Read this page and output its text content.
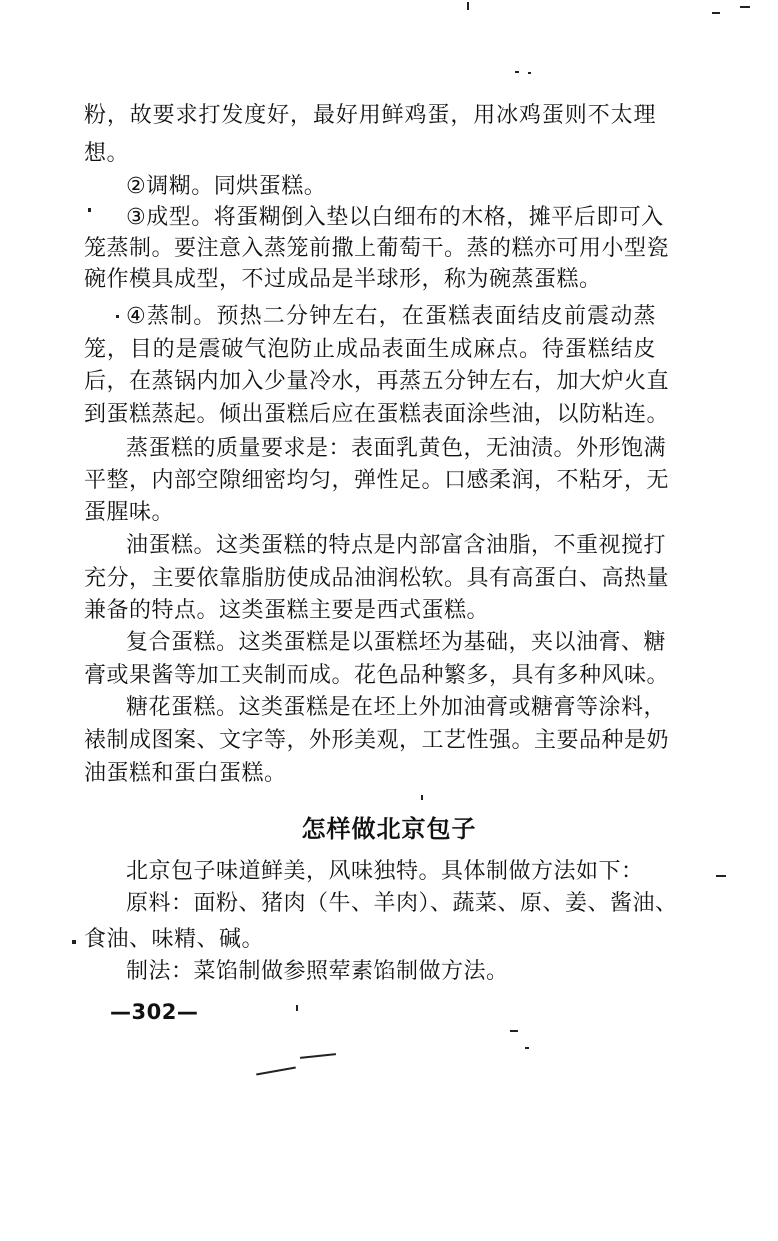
粉，故要求打发度好，最好用鲜鸡蛋，用冰鸡蛋则不太理
想。
②调糊。同烘蛋糕。
③成型。将蛋糊倒入垫以白细布的木格，摊平后即可入
笼蒸制。要注意入蒸笼前撒上葡萄干。蒸的糕亦可用小型瓷
碗作模具成型，不过成品是半球形，称为碗蒸蛋糕。
④蒸制。预热二分钟左右，在蛋糕表面结皮前震动蒸
笼，目的是震破气泡防止成品表面生成麻点。待蛋糕结皮
后，在蒸锅内加入少量冷水，再蒸五分钟左右，加大炉火直
到蛋糕蒸起。倾出蛋糕后应在蛋糕表面涂些油，以防粘连。
蒸蛋糕的质量要求是：表面乳黄色，无油渍。外形饱满
平整，内部空隙细密均匀，弹性足。口感柔润，不粘牙，无
蛋腥味。
油蛋糕。这类蛋糕的特点是内部富含油脂，不重视搅打
充分，主要依靠脂肪使成品油润松软。具有高蛋白、高热量
兼备的特点。这类蛋糕主要是西式蛋糕。
复合蛋糕。这类蛋糕是以蛋糕坯为基础，夹以油膏、糖
膏或果酱等加工夹制而成。花色品种繁多，具有多种风味。
糖花蛋糕。这类蛋糕是在坯上外加油膏或糖膏等涂料，
裱制成图案、文字等，外形美观，工艺性强。主要品种是奶
油蛋糕和蛋白蛋糕。
怎样做北京包子
北京包子味道鲜美，风味独特。具体制做方法如下：
原料：面粉、猪肉（牛、羊肉）、蔬菜、原、姜、酱油、
食油、味精、碱。
制法：菜馅制做参照荤素馅制做方法。
—302—
